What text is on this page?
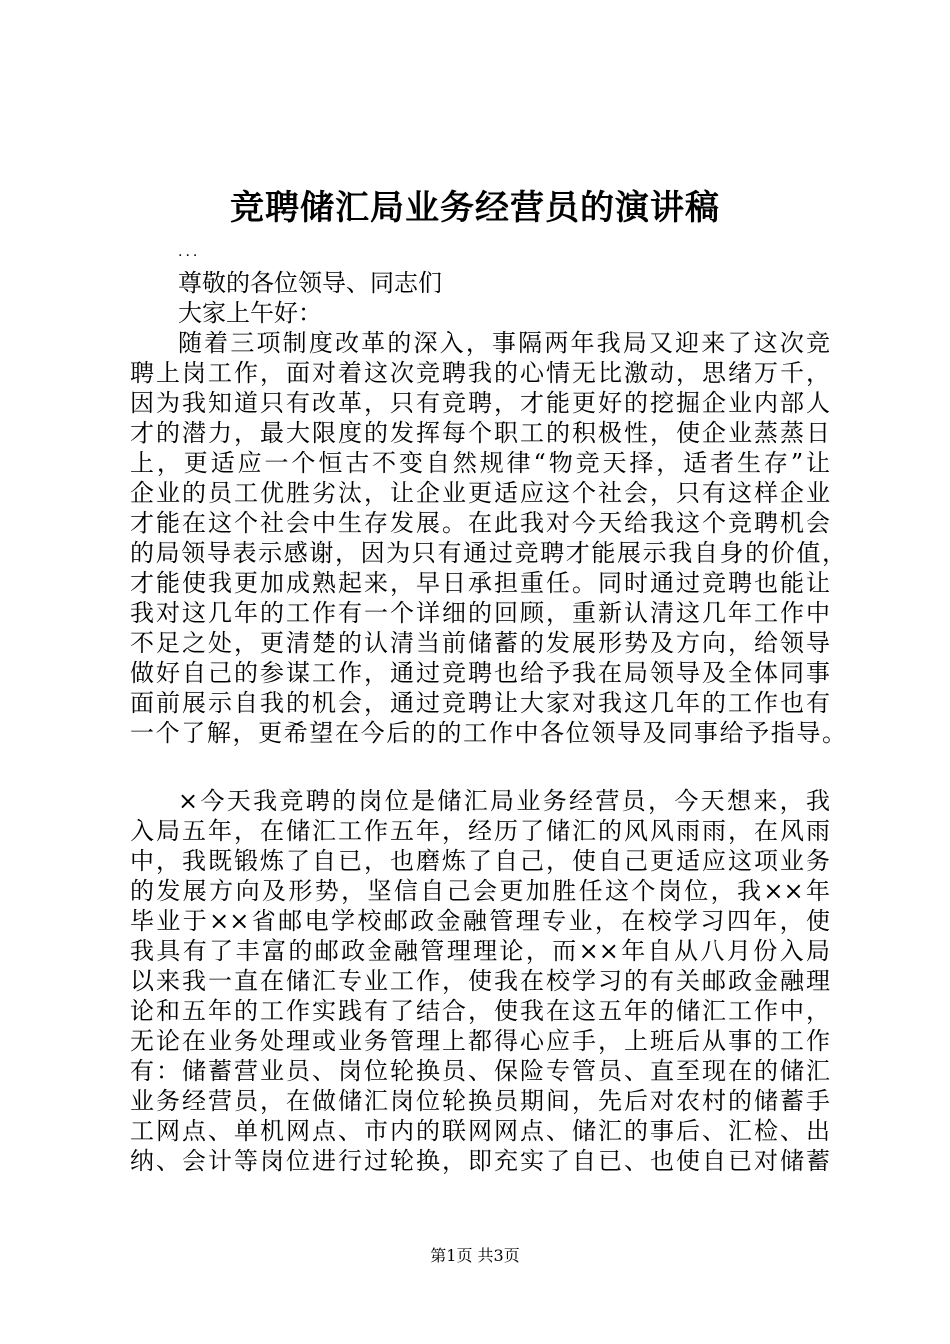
竞聘储汇局业务经营员的演讲稿
...
尊敬的各位领导、同志们
大家上午好：
随着三项制度改革的深入，事隔两年我局又迎来了这次竞
聘上岗工作，面对着这次竞聘我的心情无比激动，思绪万千，
因为我知道只有改革，只有竞聘，才能更好的挖掘企业内部人
才的潜力，最大限度的发挥每个职工的积极性，使企业蒸蒸日
上，更适应一个恒古不变自然规律“物竞天择，适者生存”让
企业的员工优胜劣汰，让企业更适应这个社会，只有这样企业
才能在这个社会中生存发展。在此我对今天给我这个竞聘机会
的局领导表示感谢，因为只有通过竞聘才能展示我自身的价值，
才能使我更加成熟起来，早日承担重任。同时通过竞聘也能让
我对这几年的工作有一个详细的回顾，重新认清这几年工作中
不足之处，更清楚的认清当前储蓄的发展形势及方向，给领导
做好自己的参谋工作，通过竞聘也给予我在局领导及全体同事
面前展示自我的机会，通过竞聘让大家对我这几年的工作也有
一个了解，更希望在今后的的工作中各位领导及同事给予指导。
×今天我竞聘的岗位是储汇局业务经营员，今天想来，我
入局五年，在储汇工作五年，经历了储汇的风风雨雨，在风雨
中，我既锻炼了自已，也磨炼了自己，使自己更适应这项业务
的发展方向及形势，坚信自己会更加胜任这个岗位，我××年
毕业于××省邮电学校邮政金融管理专业，在校学习四年，使
我具有了丰富的邮政金融管理理论，而××年自从八月份入局
以来我一直在储汇专业工作，使我在校学习的有关邮政金融理
论和五年的工作实践有了结合，使我在这五年的储汇工作中，
无论在业务处理或业务管理上都得心应手，上班后从事的工作
有：储蓄营业员、岗位轮换员、保险专管员、直至现在的储汇
业务经营员，在做储汇岗位轮换员期间，先后对农村的储蓄手
工网点、单机网点、市内的联网网点、储汇的事后、汇检、出
纳、会计等岗位进行过轮换，即充实了自已、也使自已对储蓄
第1页 共3页
